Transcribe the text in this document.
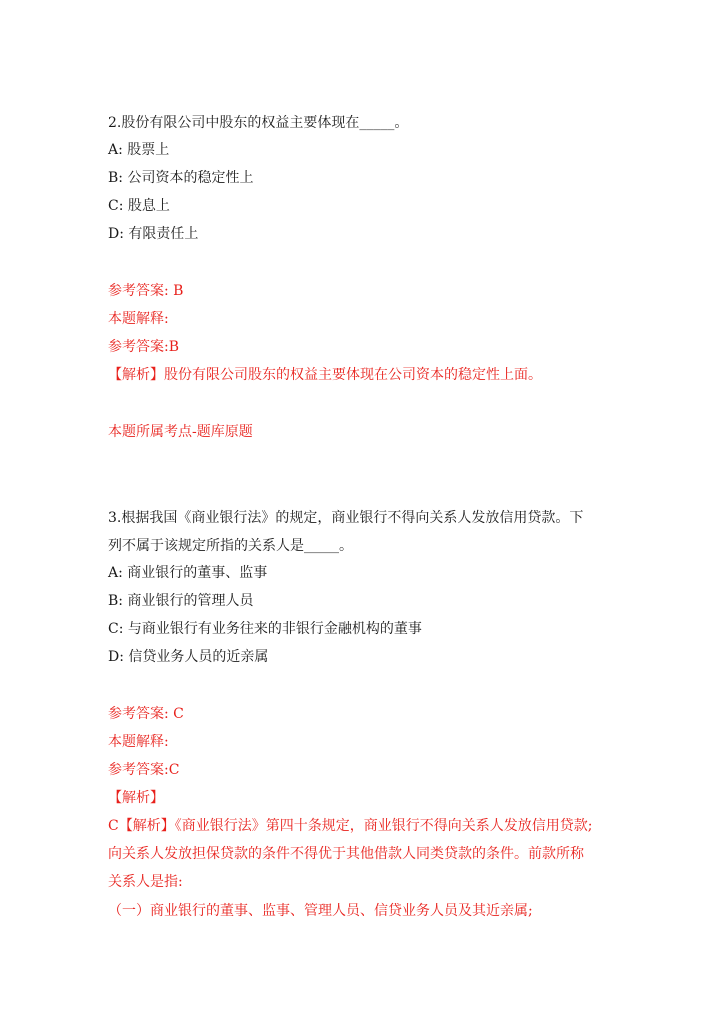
2.股份有限公司中股东的权益主要体现在_____。
A: 股票上
B: 公司资本的稳定性上
C: 股息上
D: 有限责任上
参考答案: B
本题解释:
参考答案:B
【解析】股份有限公司股东的权益主要体现在公司资本的稳定性上面。
本题所属考点-题库原题
3.根据我国《商业银行法》的规定，商业银行不得向关系人发放信用贷款。下
列不属于该规定所指的关系人是_____。
A: 商业银行的董事、监事
B: 商业银行的管理人员
C: 与商业银行有业务往来的非银行金融机构的董事
D: 信贷业务人员的近亲属
参考答案: C
本题解释:
参考答案:C
【解析】
C【解析】《商业银行法》第四十条规定，商业银行不得向关系人发放信用贷款;
向关系人发放担保贷款的条件不得优于其他借款人同类贷款的条件。前款所称
关系人是指:
（一）商业银行的董事、监事、管理人员、信贷业务人员及其近亲属;
